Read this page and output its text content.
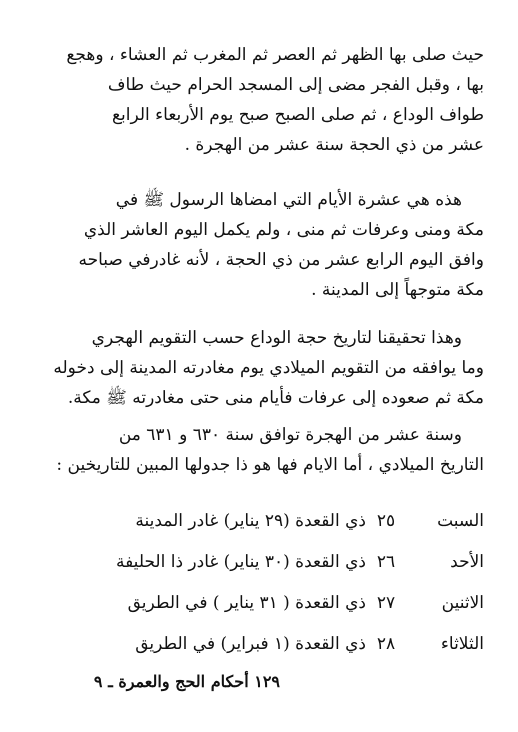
حيث صلى بها الظهر ثم العصر ثم المغرب ثم العشاء ، وهجع
بها ، وقبل الفجر مضى إلى المسجد الحرام حيث طاف
طواف الوداع ، ثم صلى الصبح صبح يوم الأربعاء الرابع
عشر من ذي الحجة سنة عشر من الهجرة .

هذه هي عشرة الأيام التي امضاها الرسول ﷺ في
مكة ومنى وعرفات ثم منى ، ولم يكمل اليوم العاشر الذي
وافق اليوم الرابع عشر من ذي الحجة ، لأنه غادرفي صباحه
مكة متوجهاً إلى المدينة .

وهذا تحقيقنا لتاريخ حجة الوداع حسب التقويم الهجري
وما يوافقه من التقويم الميلادي يوم مغادرته المدينة إلى دخوله
مكة ثم صعوده إلى عرفات فأيام منى حتى مغادرته ﷺ مكة.

وسنة عشر من الهجرة توافق سنة ٦٣٠ و ٦٣١ من
التاريخ الميلادي ، أما الايام فها هو ذا جدولها المبين للتاريخين :

السبت
٢٥
ذي القعدة (٢٩ يناير) غادر المدينة
الأحد
٢٦
ذي القعدة (٣٠ يناير) غادر ذا الحليفة
الاثنين
٢٧
ذي القعدة ( ٣١ يناير ) في الطريق
الثلاثاء
٢٨
ذي القعدة (١ فبراير) في الطريق
١٢٩ أحكام الحج والعمرة ـ ٩
